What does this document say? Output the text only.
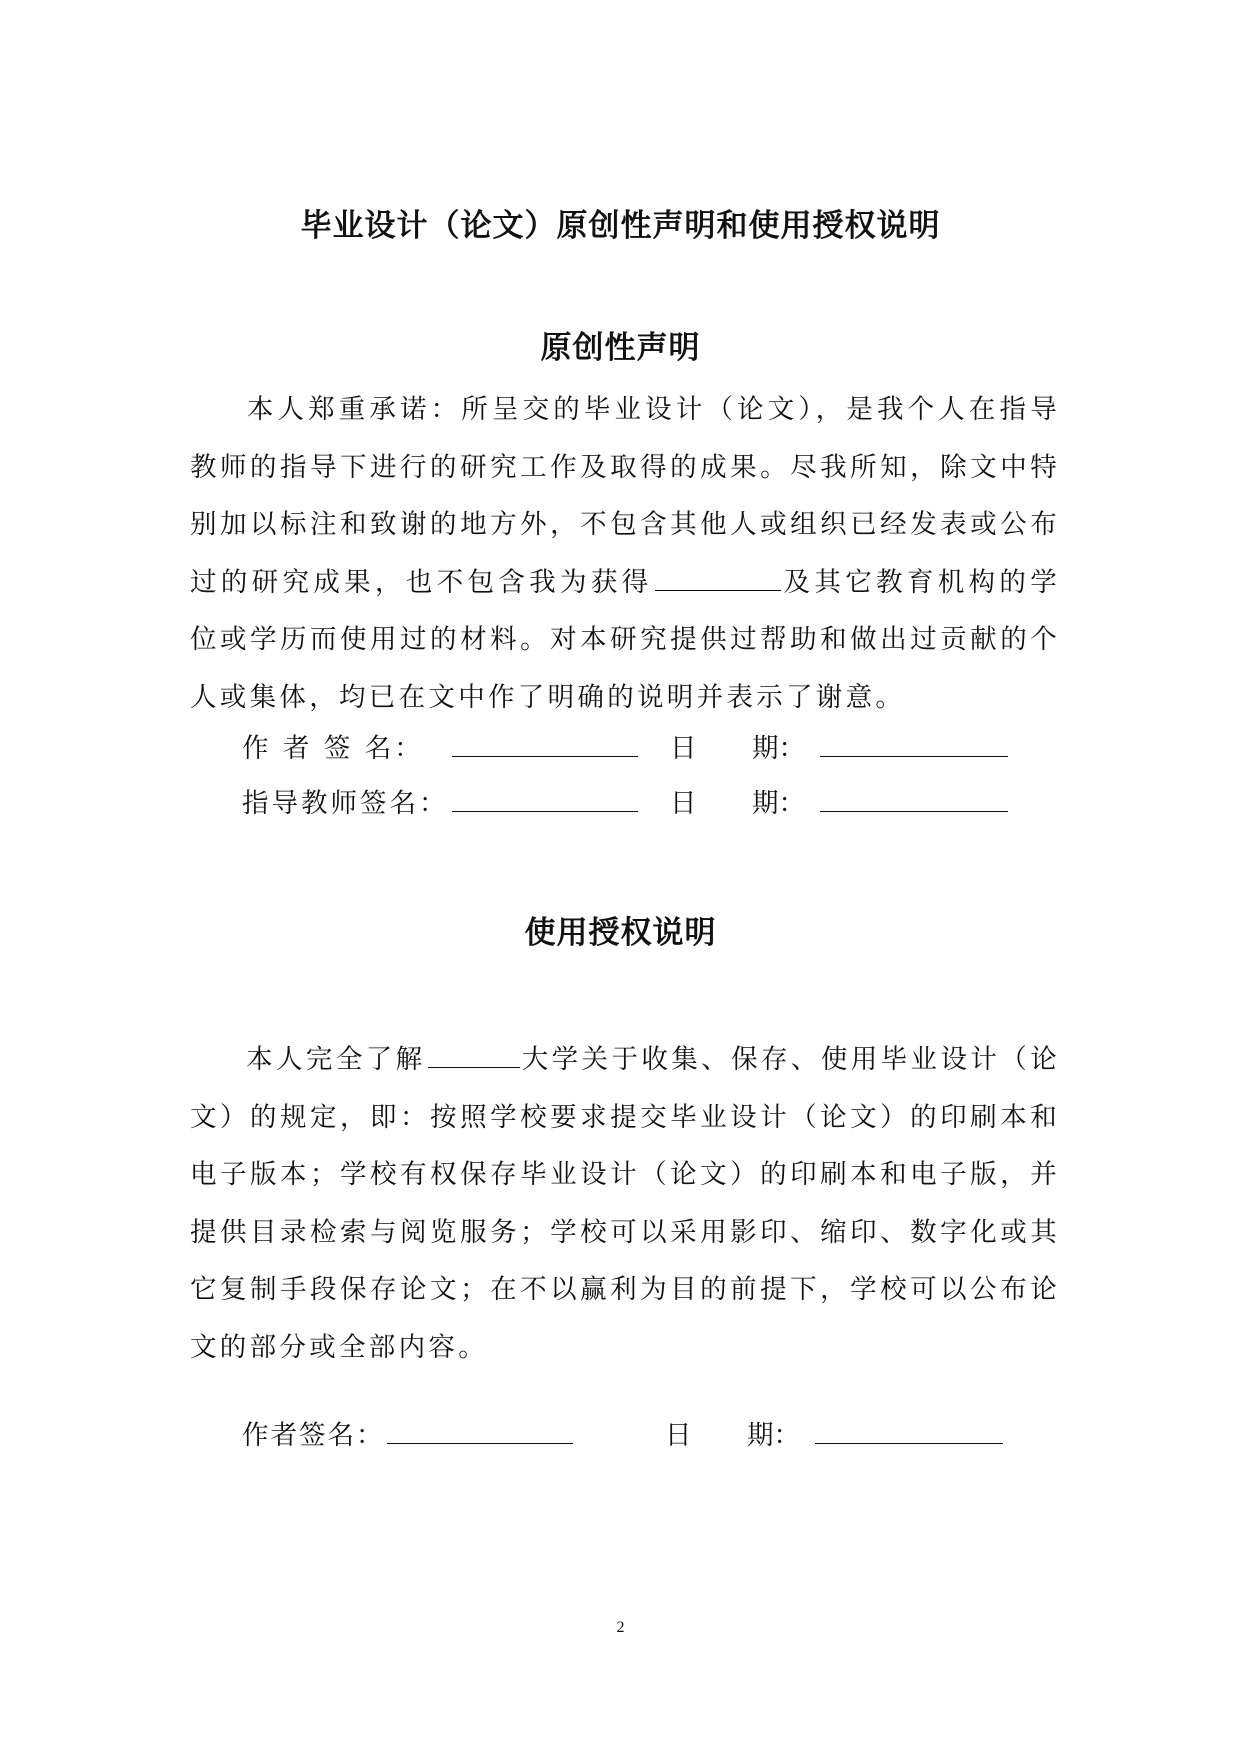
毕业设计（论文）原创性声明和使用授权说明
原创性声明

本人郑重承诺：所呈交的毕业设计（论文），是我个人在指导教师的指导下进行的研究工作及取得的成果。尽我所知，除文中特别加以标注和致谢的地方外，不包含其他人或组织已经发表或公布过的研究成果，也不包含我为获得	及其它教育机构的学位或学历而使用过的材料。对本研究提供过帮助和做出过贡献的个人或集体，均已在文中作了明确的说明并表示了谢意。

作 者 签 名：	日 期：
指导教师签名：	日 期：
使用授权说明

本人完全了解	大学关于收集、保存、使用毕业设计（论文）的规定，即：按照学校要求提交毕业设计（论文）的印刷本和电子版本；学校有权保存毕业设计（论文）的印刷本和电子版，并提供目录检索与阅览服务；学校可以采用影印、缩印、数字化或其它复制手段保存论文；在不以赢利为目的前提下，学校可以公布论文的部分或全部内容。

作者签名：	日 期：
2
